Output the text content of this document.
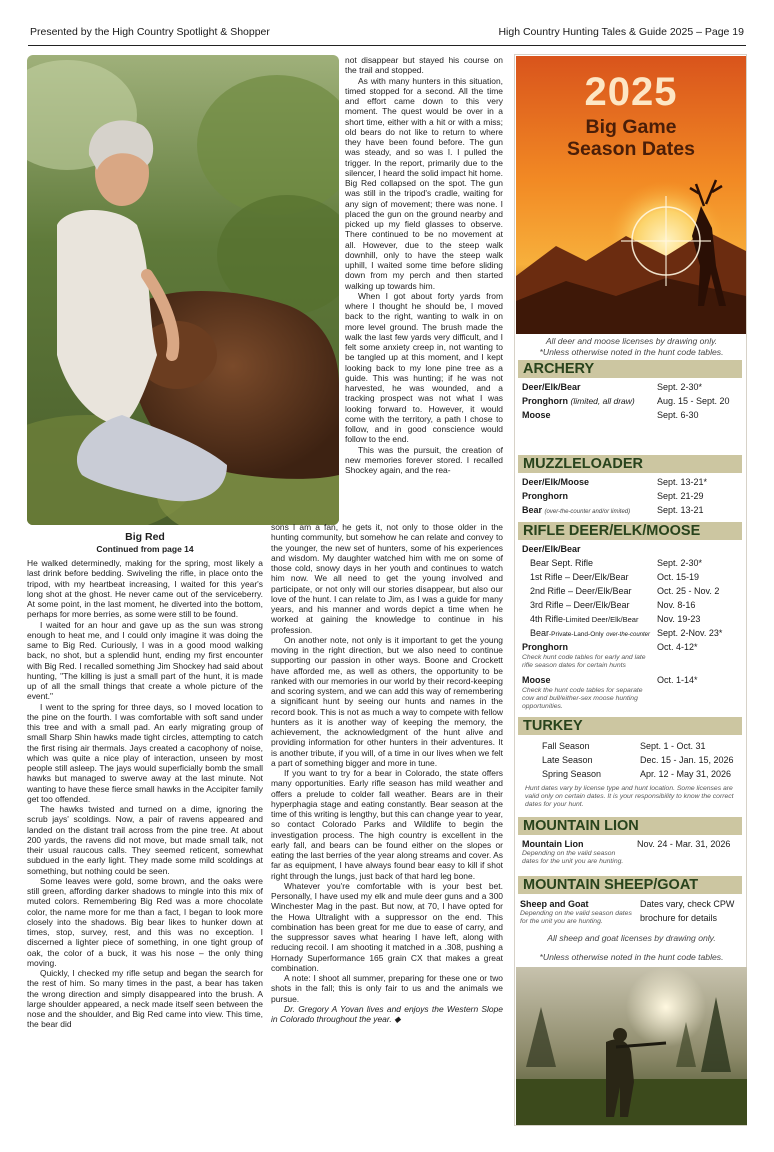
Presented by the High Country Spotlight & Shopper	High Country Hunting Tales & Guide 2025 – Page 19
Big Red
Continued from page 14

He walked determinedly, making for the spring, most likely a last drink before bedding. Swiveling the rifle, in place onto the tripod, with my heartbeat increasing, I waited for this year's long shot at the ghost. He never came out of the serviceberry. At some point, in the last moment, he diverted into the bottom, perhaps for more berries, as some were still to be found.

I waited for an hour and gave up as the sun was strong enough to heat me, and I could only imagine it was doing the same to Big Red. Curiously, I was in a good mood walking back, no shot, but a splendid hunt, ending my first encounter with Big Red. I recalled something Jim Shockey had said about hunting, "The killing is just a small part of the hunt, it is made up of all the small things that create a whole picture of the event."

I went to the spring for three days, so I moved location to the pine on the fourth. I was comfortable with soft sand under this tree and with a small pad. An early migrating group of small Sharp Shin hawks made tight circles, attempting to catch the first rising air thermals. Jays created a cacophony of noise, which was quite a nice play of interaction, unseen by most people still asleep. The jays would superficially bomb the small hawks but managed to swerve away at the last minute. Not wanting to have these fierce small hawks in the Accipiter family get too offended.

The hawks twisted and turned on a dime, ignoring the scrub jays' scoldings. Now, a pair of ravens appeared and landed on the distant trail across from the pine tree. At about 200 yards, the ravens did not move, but made small talk, not their usual raucous calls. They seemed reticent, somewhat subdued in the early light. They made some mild scoldings at something, but nothing could be seen.

Some leaves were gold, some brown, and the oaks were still green, affording darker shadows to mingle into this mix of muted colors. Remembering Big Red was a more chocolate color, the name more for me than a fact, I began to look more closely into the shadows. Big bear likes to hunker down at times, stop, survey, rest, and this was no exception. I discerned a lighter piece of something, in one tight group of oak, the color of a buck, it was his nose – the only thing moving.

Quickly, I checked my rifle setup and began the search for the rest of him. So many times in the past, a bear has taken the wrong direction and simply disappeared into the brush. A large shoulder appeared, a neck made itself seen between the nose and the shoulder, and Big Red came into view. This time, the bear did

not disappear but stayed his course on the trail and stopped.

As with many hunters in this situation, timed stopped for a second. All the time and effort came down to this very moment. The quest would be over in a short time, either with a hit or with a miss; old bears do not like to return to where they have been found before. The gun was steady, and so was I. I pulled the trigger. In the report, primarily due to the silencer, I heard the solid impact hit home. Big Red collapsed on the spot. The gun was still in the tripod's cradle, waiting for any sign of movement; there was none. I placed the gun on the ground nearby and picked up my field glasses to observe. There continued to be no movement at all. However, due to the steep walk downhill, only to have the steep walk uphill, I waited some time before sliding down from my perch and then started walking up towards him.

When I got about forty yards from where I thought he should be, I moved back to the right, wanting to walk in on more level ground. The brush made the walk the last few yards very difficult, and I felt some anxiety creep in, not wanting to be tangled up at this moment, and I kept looking back to my lone pine tree as a guide. This was hunting; if he was not harvested, he was wounded, and a tracking prospect was not what I was looking forward to. However, it would come with the territory, a path I chose to follow, and in good conscience would follow to the end.

This was the pursuit, the creation of new memories forever stored. I recalled Shockey again, and the rea-

sons I am a fan, he gets it, not only to those older in the hunting community, but somehow he can relate and convey to the younger, the new set of hunters, some of his experiences and wisdom. My daughter watched him with me on some of those cold, snowy days in her youth and continues to watch him now. We all need to get the young involved and participate, or not only will our stories disappear, but also our love of the hunt. I can relate to Jim, as I was a guide for many years, and his manner and words depict a time when he worked at gaining the knowledge to continue in his profession.

On another note, not only is it important to get the young moving in the right direction, but we also need to continue supporting our passion in other ways. Boone and Crockett have afforded me, as well as others, the opportunity to be ranked with our memories in our world by their record-keeping and scoring system, and we can add this way of remembering a significant hunt by seeing our hunts and names in the record book. This is not as much a way to compete with fellow hunters as it is another way of keeping the memory, the achievement, the acknowledgment of the hunt alive and providing information for other hunters in their adventures. It is another tribute, if you will, of a time in our lives when we felt a part of something bigger and more in tune.

If you want to try for a bear in Colorado, the state offers many opportunities. Early rifle season has mild weather and offers a prelude to colder fall weather. Bears are in their hyperphagia stage and eating constantly. Bear season at the time of this writing is lengthy, but this can change year to year, so contact Colorado Parks and Wildlife to begin the investigation process. The high country is excellent in the early fall, and bears can be found either on the slopes or eating the last berries of the year along streams and cover. As far as equipment, I have always found bear easy to kill if shot right through the lungs, just back of that hard leg bone.

Whatever you're comfortable with is your best bet. Personally, I have used my elk and mule deer guns and a 300 Winchester Mag in the past. But now, at 70, I have opted for the Howa Ultralight with a suppressor on the end. This combination has been great for me due to ease of carry, and the suppressor saves what hearing I have left, along with reducing recoil. I am shooting it matched in a .308, pushing a Hornady Superformance 165 grain CX that makes a great combination.

A note: I shoot all summer, preparing for these one or two shots in the fall; this is only fair to us and the animals we pursue.

Dr. Gregory A Yovan lives and enjoys the Western Slope in Colorado throughout the year. ◆

2025
Big Game
Season Dates
All deer and moose licenses by drawing only.
*Unless otherwise noted in the hunt code tables.
ARCHERY
Deer/Elk/Bear	Sept. 2-30*
Pronghorn (limited, all draw) Aug. 15 - Sept. 20
Moose	Sept. 6-30
MUZZLELOADER
Deer/Elk/Moose	Sept. 13-21*
Pronghorn	Sept. 21-29
Bear (over-the-counter and/or limited)	Sept. 13-21
RIFLE DEER/ELK/MOOSE
Deer/Elk/Bear
Bear Sept. Rifle	Sept. 2-30*
1st Rifle – Deer/Elk/Bear	Oct. 15-19
2nd Rifle – Deer/Elk/Bear	Oct. 25 - Nov. 2
3rd Rifle – Deer/Elk/Bear	Nov. 8-16
4th Rifle-Limited Deer/Elk/Bear Nov. 19-23
Bear-Private-Land-Only over-the-counter Sept. 2-Nov. 23*
Pronghorn	Oct. 4-12*
Check hunt code tables for early and late rifle season dates for certain hunts
Moose	Oct. 1-14*
Check the hunt code tables for separate cow and bull/either-sex moose hunting opportunities.
TURKEY
Fall Season	Sept. 1 - Oct. 31
Late Season	Dec. 15 - Jan. 15, 2026
Spring Season	Apr. 12 - May 31, 2026
Hunt dates vary by license type and hunt location. Some licenses are valid only on certain dates. It is your responsibility to know the correct dates for your hunt.
MOUNTAIN LION
Mountain Lion	Nov. 24 - Mar. 31, 2026
Depending on the valid season dates for the unit you are hunting.
MOUNTAIN SHEEP/GOAT
Sheep and Goat
Depending on the valid season dates for the unit you are hunting.
Dates vary, check CPW
brochure for details
All sheep and goat licenses by drawing only.
*Unless otherwise noted in the hunt code tables.
